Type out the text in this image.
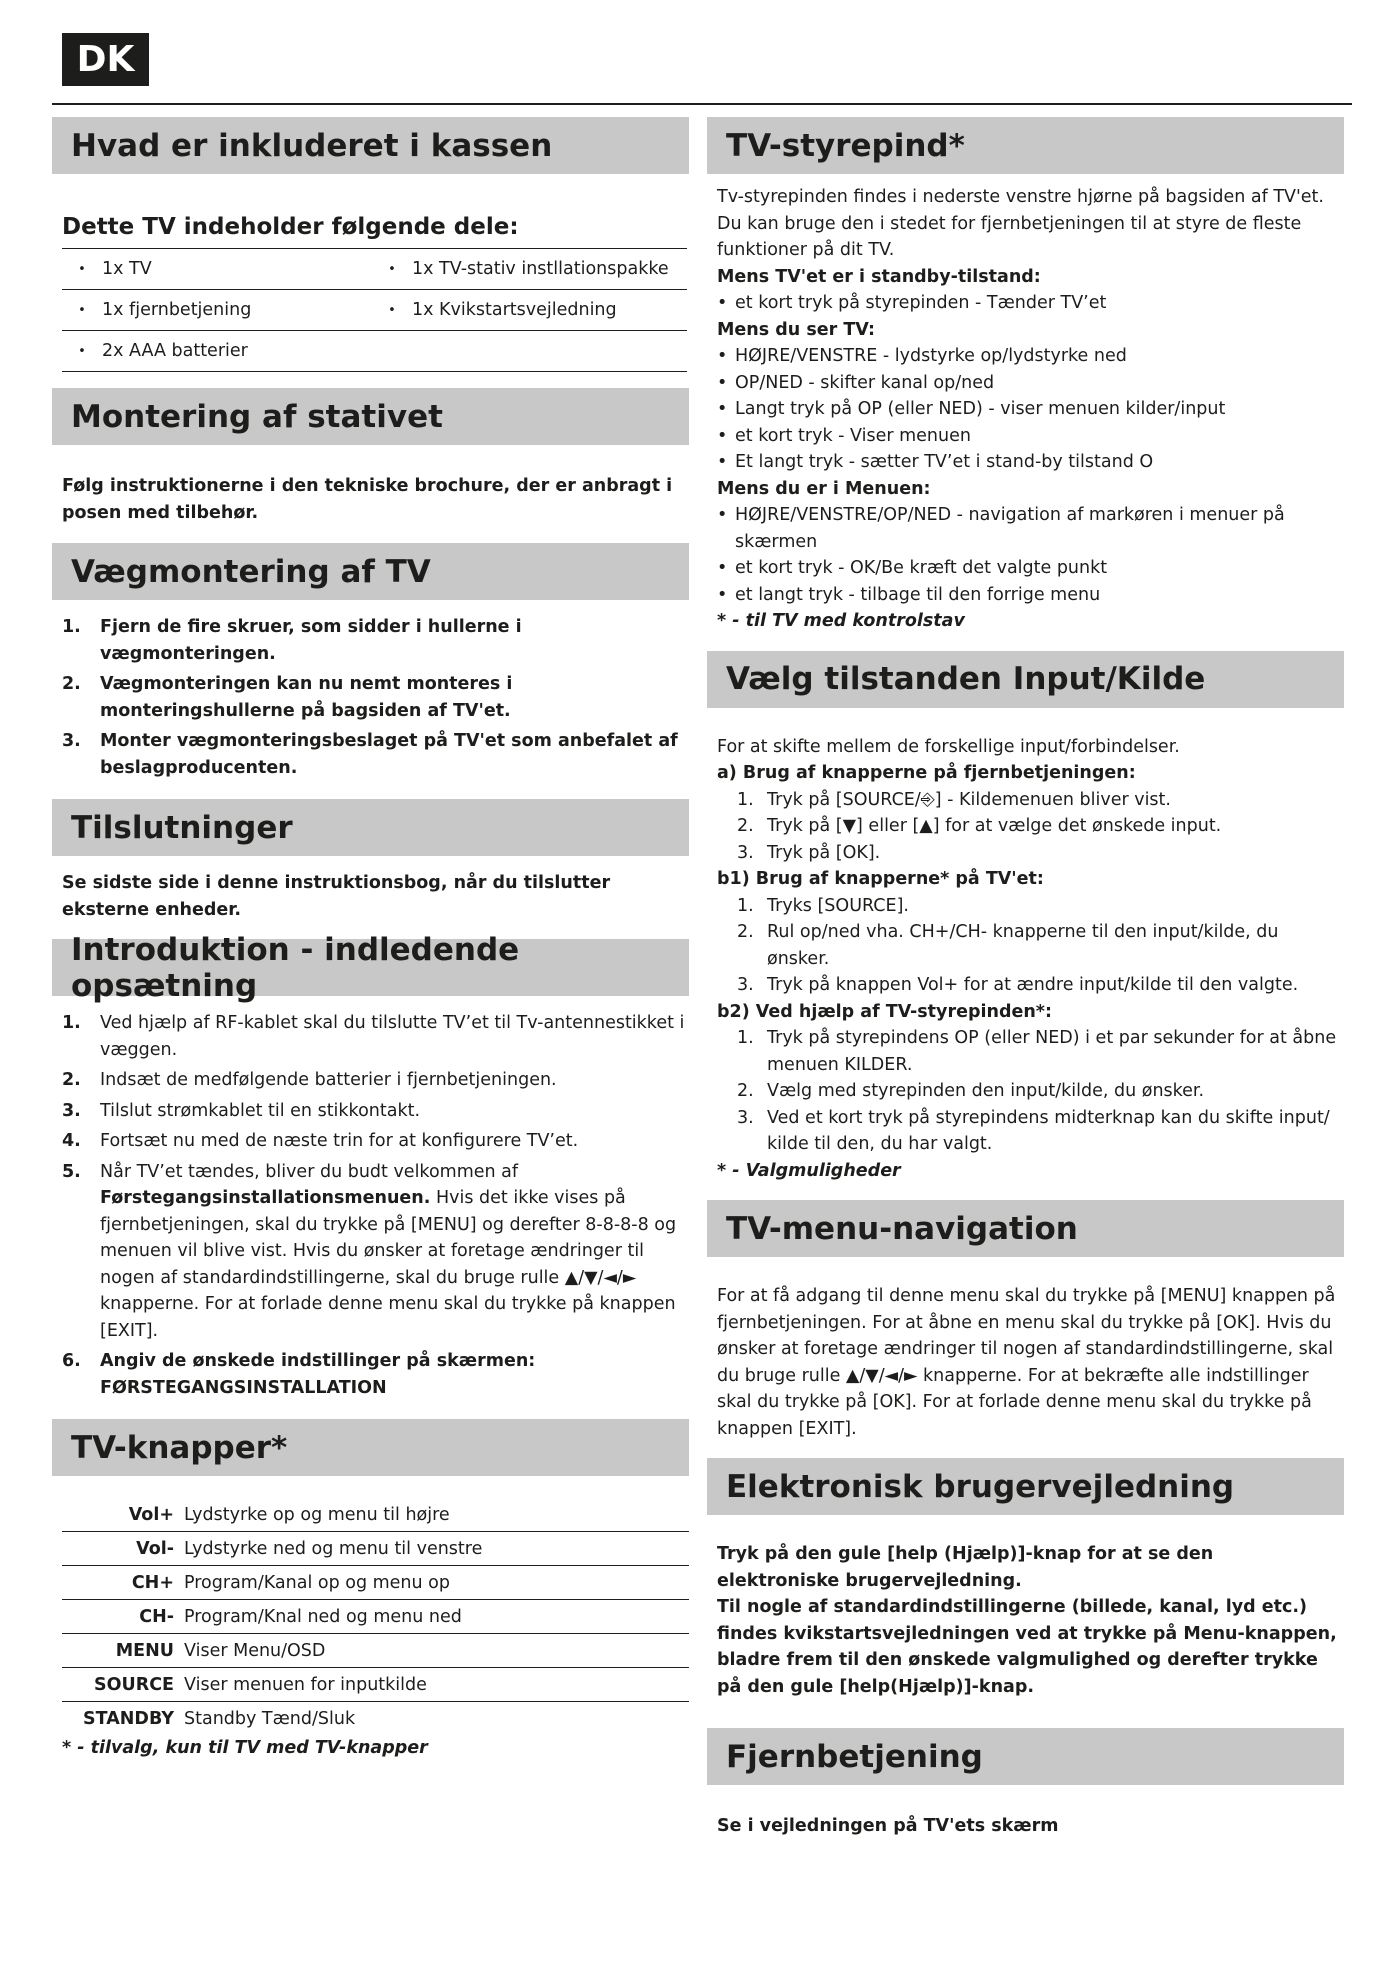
DK
Hvad er inkluderet i kassen
Dette TV indeholder følgende dele:
• 1x TV	• 1x TV-stativ instllationspakke
• 1x fjernbetjening	• 1x Kvikstartsvejledning
• 2x AAA batterier
Montering af stativet

Følg instruktionerne i den tekniske brochure, der er anbragt i posen med tilbehør.

Vægmontering af TV
1.	Fjern de fire skruer, som sidder i hullerne i vægmonteringen.
2.	Vægmonteringen kan nu nemt monteres i monteringshullerne på bagsiden af TV'et.
3.	Monter vægmonteringsbeslaget på TV'et som anbefalet af beslagproducenten.
Tilslutninger

Se sidste side i denne instruktionsbog, når du tilslutter eksterne enheder.

Introduktion - indledende opsætning
1.	Ved hjælp af RF-kablet skal du tilslutte TV’et til Tv-antennestikket i væggen.
2.	Indsæt de medfølgende batterier i fjernbetjeningen.
3.	Tilslut strømkablet til en stikkontakt.
4.	Fortsæt nu med de næste trin for at konfigurere TV’et.
5.	Når TV’et tændes, bliver du budt velkommen af Førstegangsinstallationsmenuen. Hvis det ikke vises på fjernbetjeningen, skal du trykke på [MENU] og derefter 8-8-8-8 og menuen vil blive vist. Hvis du ønsker at foretage ændringer til nogen af standardindstillingerne, skal du bruge rulle ▲/▼/◄/► knapperne. For at forlade denne menu skal du trykke på knappen [EXIT].
6.	Angiv de ønskede indstillinger på skærmen:
FØRSTEGANGSINSTALLATION
TV-knapper*
Vol+	Lydstyrke op og menu til højre
Vol-	Lydstyrke ned og menu til venstre
CH+	Program/Kanal op og menu op
CH-	Program/Knal ned og menu ned
MENU	Viser Menu/OSD
SOURCE	Viser menuen for inputkilde
STANDBY	Standby Tænd/Sluk

* - tilvalg, kun til TV med TV-knapper

TV-styrepind*

Tv-styrepinden findes i nederste venstre hjørne på bagsiden af TV'et. Du kan bruge den i stedet for fjernbetjeningen til at styre de fleste funktioner på dit TV.

Mens TV'et er i standby-tilstand:

• et kort tryk på styrepinden - Tænder TV’et

Mens du ser TV:

• HØJRE/VENSTRE - lydstyrke op/lydstyrke ned
• OP/NED - skifter kanal op/ned
• Langt tryk på OP (eller NED) - viser menuen kilder/input
• et kort tryk - Viser menuen
• Et langt tryk - sætter TV’et i stand-by tilstand O

Mens du er i Menuen:

• HØJRE/VENSTRE/OP/NED - navigation af markøren i menuer på skærmen
• et kort tryk - OK/Be kræft det valgte punkt
• et langt tryk - tilbage til den forrige menu

* - til TV med kontrolstav

Vælg tilstanden Input/Kilde

For at skifte mellem de forskellige input/forbindelser.

a) Brug af knapperne på fjernbetjeningen:

1. Tryk på [SOURCE/⎆] - Kildemenuen bliver vist.
2. Tryk på [▼] eller [▲] for at vælge det ønskede input.
3. Tryk på [OK].

b1) Brug af knapperne* på TV'et:

1. Tryks [SOURCE].
2. Rul op/ned vha. CH+/CH- knapperne til den input/kilde, du ønsker.
3. Tryk på knappen Vol+ for at ændre input/kilde til den valgte.

b2) Ved hjælp af TV-styrepinden*:

1. Tryk på styrepindens OP (eller NED) i et par sekunder for at åbne menuen KILDER.
2. Vælg med styrepinden den input/kilde, du ønsker.
3. Ved et kort tryk på styrepindens midterknap kan du skifte input/ kilde til den, du har valgt.

* - Valgmuligheder

TV-menu-navigation

For at få adgang til denne menu skal du trykke på [MENU] knappen på fjernbetjeningen. For at åbne en menu skal du trykke på [OK]. Hvis du ønsker at foretage ændringer til nogen af standardindstillingerne, skal du bruge rulle ▲/▼/◄/► knapperne. For at bekræfte alle indstillinger skal du trykke på [OK]. For at forlade denne menu skal du trykke på knappen [EXIT].

Elektronisk brugervejledning

Tryk på den gule [help (Hjælp)]-knap for at se den elektroniske brugervejledning.

Til nogle af standardindstillingerne (billede, kanal, lyd etc.) findes kvikstartsvejledningen ved at trykke på Menu-knappen, bladre frem til den ønskede valgmulighed og derefter trykke på den gule [help(Hjælp)]-knap.

Fjernbetjening

Se i vejledningen på TV'ets skærm
